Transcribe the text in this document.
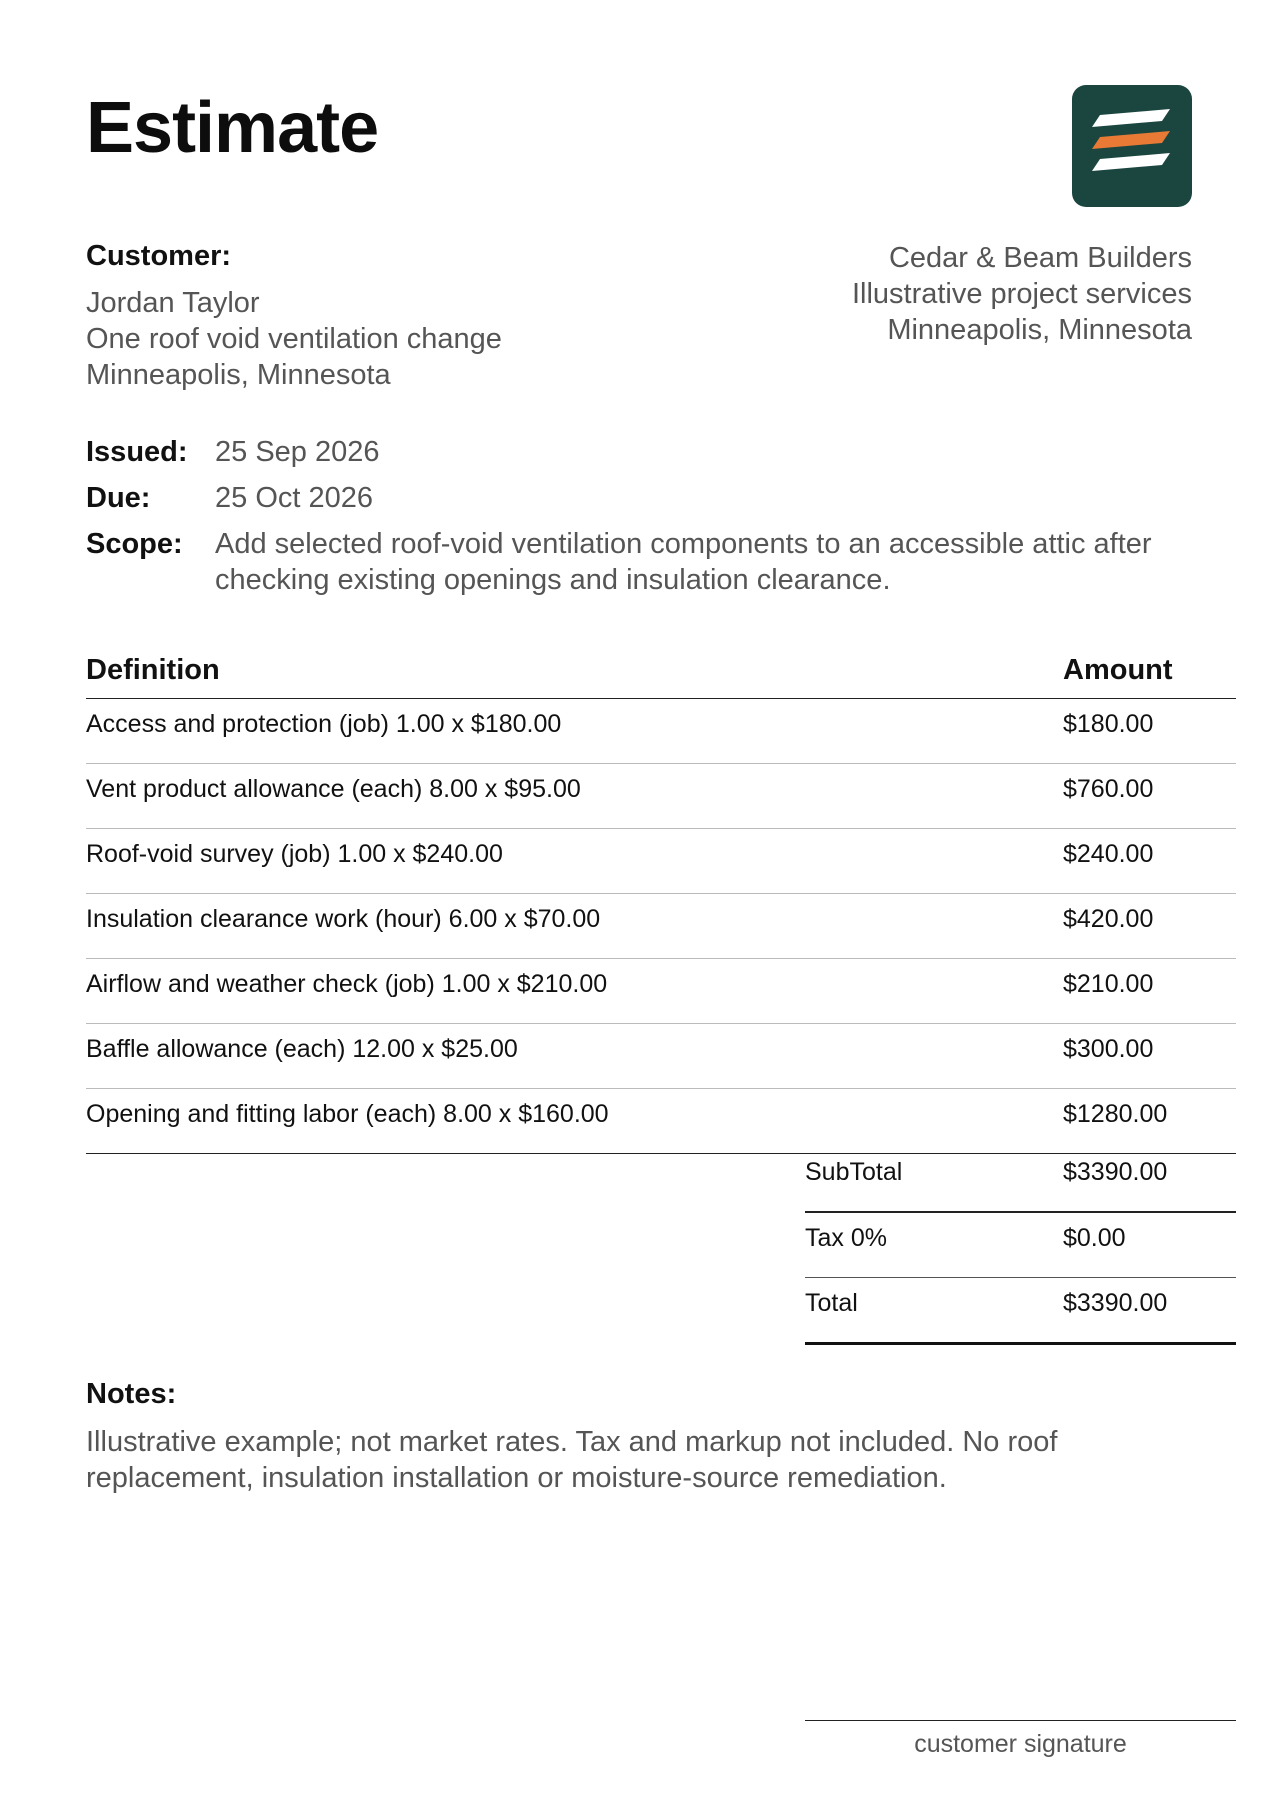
Estimate
Customer:
Jordan Taylor
One roof void ventilation change
Minneapolis, Minnesota
Cedar & Beam Builders
Illustrative project services
Minneapolis, Minnesota
Issued: 25 Sep 2026
Due:	25 Oct 2026
Scope:	Add selected roof-void ventilation components to an accessible attic after checking existing openings and insulation clearance.
Definition	Amount
Access and protection (job) 1.00 x $180.00	$180.00
Vent product allowance (each) 8.00 x $95.00	$760.00
Roof-void survey (job) 1.00 x $240.00	$240.00
Insulation clearance work (hour) 6.00 x $70.00	$420.00
Airflow and weather check (job) 1.00 x $210.00	$210.00
Baffle allowance (each) 12.00 x $25.00	$300.00
Opening and fitting labor (each) 8.00 x $160.00	$1280.00
SubTotal	$3390.00
Tax 0%	$0.00
Total	$3390.00
Notes:
Illustrative example; not market rates. Tax and markup not included. No roof replacement, insulation installation or moisture-source remediation.
customer signature
